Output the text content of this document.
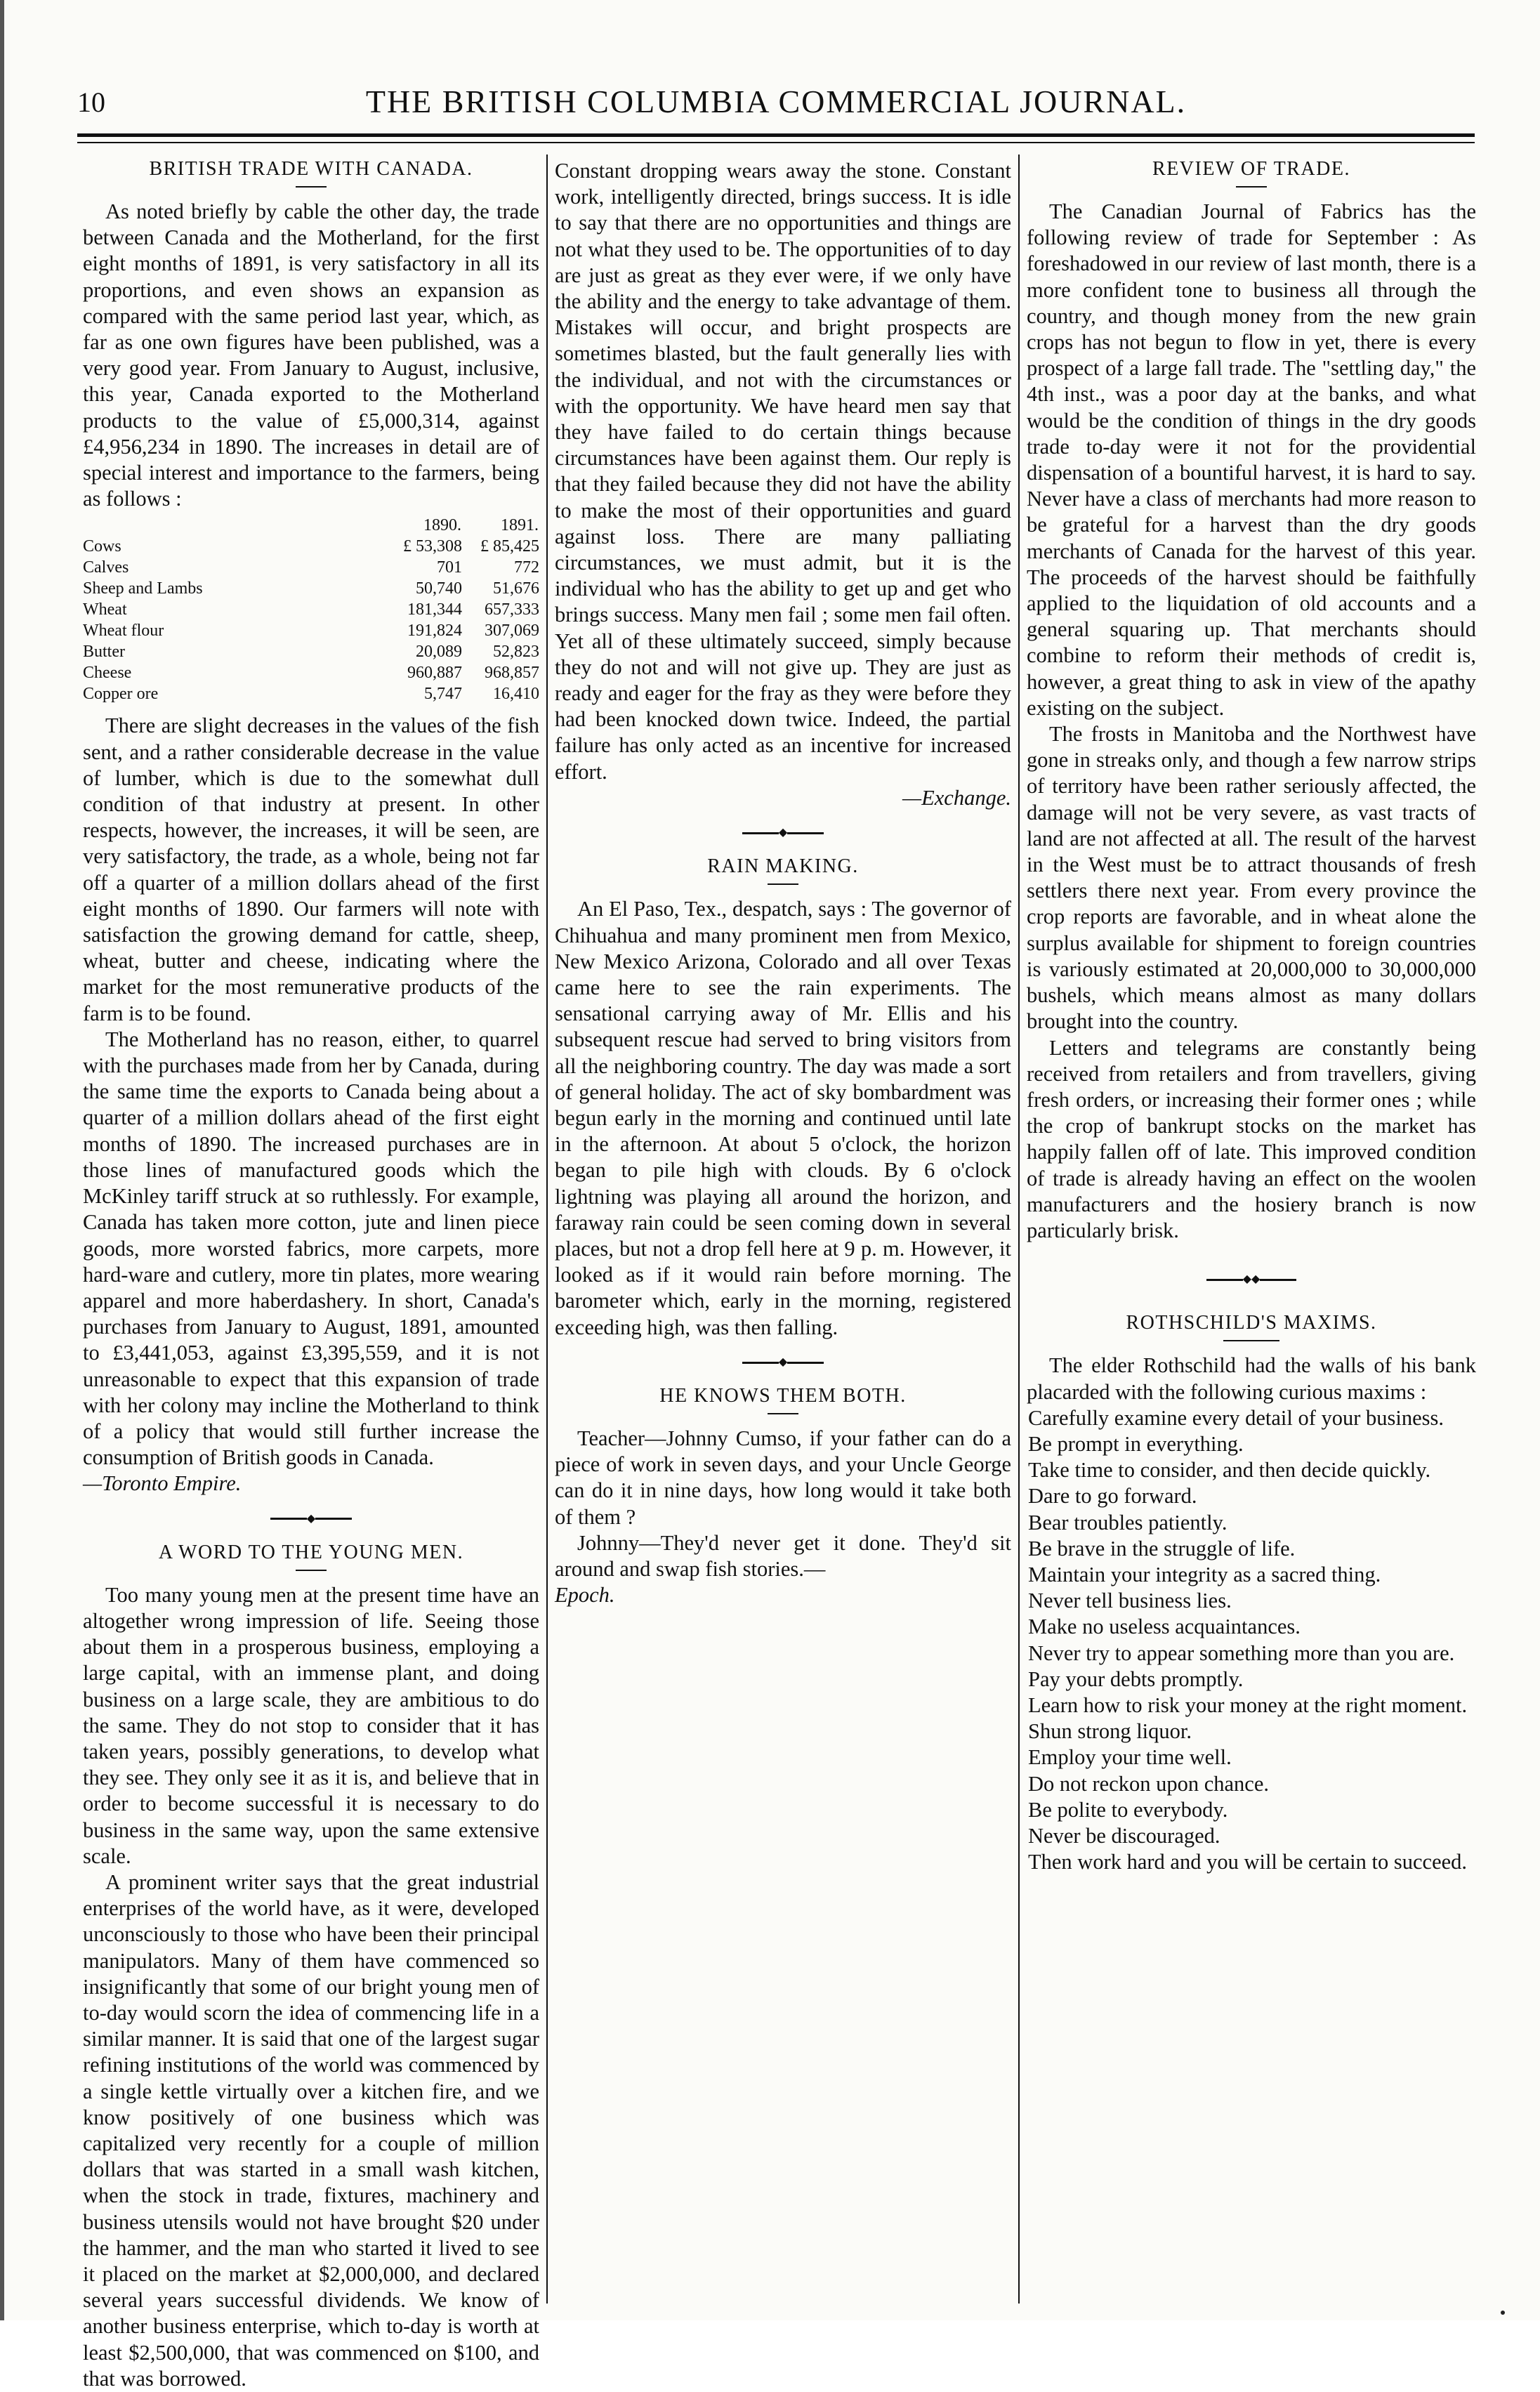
10	THE BRITISH COLUMBIA COMMERCIAL JOURNAL.
BRITISH TRADE WITH CANADA.

As noted briefly by cable the other day, the trade between Canada and the Motherland, for the first eight months of 1891, is very satisfactory in all its proportions, and even shows an expansion as compared with the same period last year, which, as far as one own figures have been published, was a very good year. From January to August, inclusive, this year, Canada exported to the Motherland products to the value of £5,000,314, against £4,956,234 in 1890. The increases in detail are of special interest and importance to the farmers, being as follows :

	1890.	1891.
Cows	£ 53,308	£ 85,425
Calves	701	772
Sheep and Lambs	50,740	51,676
Wheat	181,344	657,333
Wheat flour	191,824	307,069
Butter	20,089	52,823
Cheese	960,887	968,857
Copper ore	5,747	16,410

There are slight decreases in the values of the fish sent, and a rather considerable decrease in the value of lumber, which is due to the somewhat dull condition of that industry at present. In other respects, however, the increases, it will be seen, are very satisfactory, the trade, as a whole, being not far off a quarter of a million dollars ahead of the first eight months of 1890. Our farmers will note with satisfaction the growing demand for cattle, sheep, wheat, butter and cheese, indicating where the market for the most remunerative products of the farm is to be found.

The Motherland has no reason, either, to quarrel with the purchases made from her by Canada, during the same time the exports to Canada being about a quarter of a million dollars ahead of the first eight months of 1890. The increased purchases are in those lines of manufactured goods which the McKinley tariff struck at so ruthlessly. For example, Canada has taken more cotton, jute and linen piece goods, more worsted fabrics, more carpets, more hard-ware and cutlery, more tin plates, more wearing apparel and more haberdashery. In short, Canada's purchases from January to August, 1891, amounted to £3,441,053, against £3,395,559, and it is not unreasonable to expect that this expansion of trade with her colony may incline the Motherland to think of a policy that would still further increase the consumption of British goods in Canada.

—Toronto Empire.

◆
A WORD TO THE YOUNG MEN.

Too many young men at the present time have an altogether wrong impression of life. Seeing those about them in a prosperous business, employing a large capital, with an immense plant, and doing business on a large scale, they are ambitious to do the same. They do not stop to consider that it has taken years, possibly generations, to develop what they see. They only see it as it is, and believe that in order to become successful it is necessary to do business in the same way, upon the same extensive scale.

A prominent writer says that the great industrial enterprises of the world have, as it were, developed unconsciously to those who have been their principal manipulators. Many of them have commenced so insignificantly that some of our bright young men of to-day would scorn the idea of commencing life in a similar manner. It is said that one of the largest sugar refining institutions of the world was commenced by a single kettle virtually over a kitchen fire, and we know positively of one business which was capitalized very recently for a couple of million dollars that was started in a small wash kitchen, when the stock in trade, fixtures, machinery and business utensils would not have brought $20 under the hammer, and the man who started it lived to see it placed on the market at $2,000,000, and declared several years successful dividends. We know of another business enterprise, which to-day is worth at least $2,500,000, that was commenced on $100, and that was borrowed.

Constant dropping wears away the stone. Constant work, intelligently directed, brings success. It is idle to say that there are no opportunities and things are not what they used to be. The opportunities of to day are just as great as they ever were, if we only have the ability and the energy to take advantage of them. Mistakes will occur, and bright prospects are sometimes blasted, but the fault generally lies with the individual, and not with the circumstances or with the opportunity. We have heard men say that they have failed to do certain things because circumstances have been against them. Our reply is that they failed because they did not have the ability to make the most of their opportunities and guard against loss. There are many palliating circumstances, we must admit, but it is the individual who has the ability to get up and get who brings success. Many men fail ; some men fail often. Yet all of these ultimately succeed, simply because they do not and will not give up. They are just as ready and eager for the fray as they were before they had been knocked down twice. Indeed, the partial failure has only acted as an incentive for increased effort.

—Exchange.

◆
RAIN MAKING.

An El Paso, Tex., despatch, says : The governor of Chihuahua and many prominent men from Mexico, New Mexico Arizona, Colorado and all over Texas came here to see the rain experiments. The sensational carrying away of Mr. Ellis and his subsequent rescue had served to bring visitors from all the neighboring country. The day was made a sort of general holiday. The act of sky bombardment was begun early in the morning and continued until late in the afternoon. At about 5 o'clock, the horizon began to pile high with clouds. By 6 o'clock lightning was playing all around the horizon, and faraway rain could be seen coming down in several places, but not a drop fell here at 9 p. m. However, it looked as if it would rain before morning. The barometer which, early in the morning, registered exceeding high, was then falling.

◆
HE KNOWS THEM BOTH.

Teacher—Johnny Cumso, if your father can do a piece of work in seven days, and your Uncle George can do it in nine days, how long would it take both of them ?

Johnny—They'd never get it done. They'd sit around and swap fish stories.—

Epoch.

REVIEW OF TRADE.

The Canadian Journal of Fabrics has the following review of trade for September : As foreshadowed in our review of last month, there is a more confident tone to business all through the country, and though money from the new grain crops has not begun to flow in yet, there is every prospect of a large fall trade. The "settling day," the 4th inst., was a poor day at the banks, and what would be the condition of things in the dry goods trade to-day were it not for the providential dispensation of a bountiful harvest, it is hard to say. Never have a class of merchants had more reason to be grateful for a harvest than the dry goods merchants of Canada for the harvest of this year. The proceeds of the harvest should be faithfully applied to the liquidation of old accounts and a general squaring up. That merchants should combine to reform their methods of credit is, however, a great thing to ask in view of the apathy existing on the subject.

The frosts in Manitoba and the Northwest have gone in streaks only, and though a few narrow strips of territory have been rather seriously affected, the damage will not be very severe, as vast tracts of land are not affected at all. The result of the harvest in the West must be to attract thousands of fresh settlers there next year. From every province the crop reports are favorable, and in wheat alone the surplus available for shipment to foreign countries is variously estimated at 20,000,000 to 30,000,000 bushels, which means almost as many dollars brought into the country.

Letters and telegrams are constantly being received from retailers and from travellers, giving fresh orders, or increasing their former ones ; while the crop of bankrupt stocks on the market has happily fallen off of late. This improved condition of trade is already having an effect on the woolen manufacturers and the hosiery branch is now particularly brisk.

◆◆
ROTHSCHILD'S MAXIMS.

The elder Rothschild had the walls of his bank placarded with the following curious maxims :

Carefully examine every detail of your business.

Be prompt in everything.

Take time to consider, and then decide quickly.

Dare to go forward.

Bear troubles patiently.

Be brave in the struggle of life.

Maintain your integrity as a sacred thing.

Never tell business lies.

Make no useless acquaintances.

Never try to appear something more than you are.

Pay your debts promptly.

Learn how to risk your money at the right moment.

Shun strong liquor.

Employ your time well.

Do not reckon upon chance.

Be polite to everybody.

Never be discouraged.

Then work hard and you will be certain to succeed.
